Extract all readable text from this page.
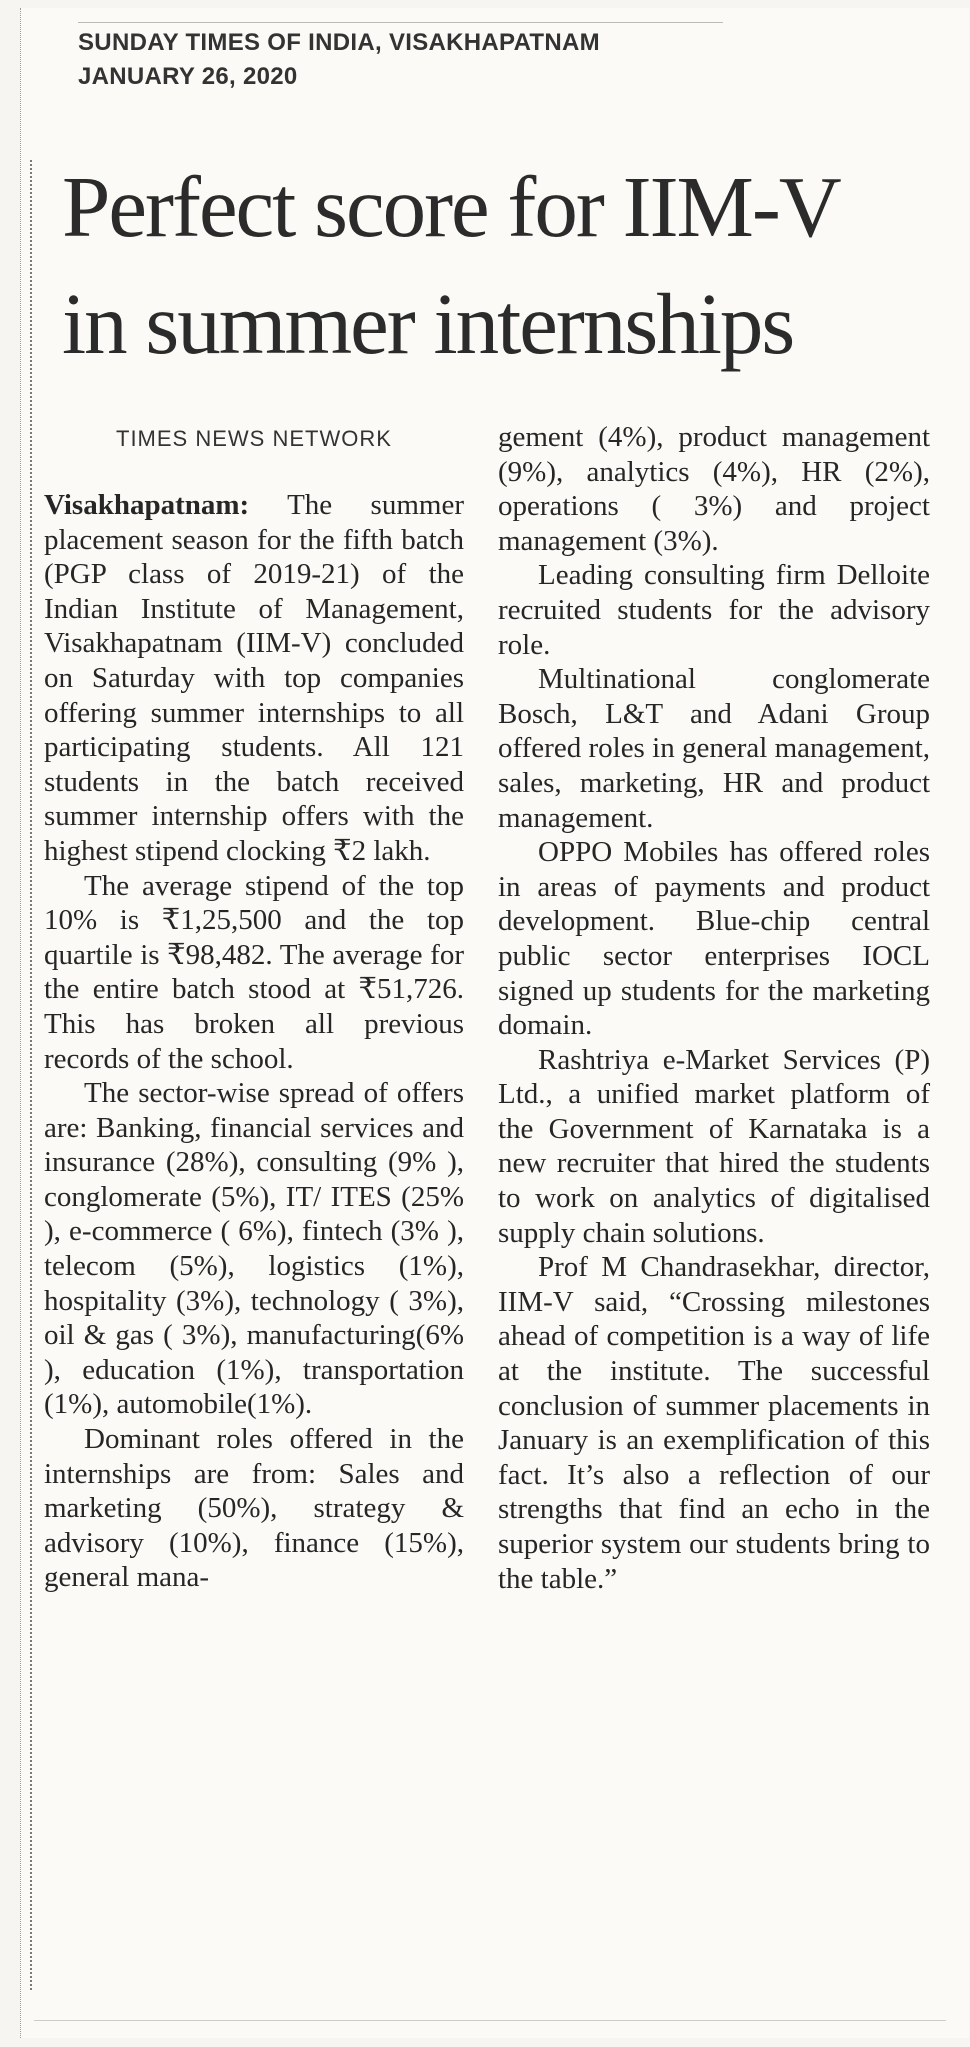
SUNDAY TIMES OF INDIA, VISAKHAPATNAM
JANUARY 26, 2020
Perfect score for IIM-V
in summer internships
TIMES NEWS NETWORK

Visakhapatnam: The summer placement season for the fifth batch (PGP class of 2019-21) of the Indian Institute of Management, Visakhapatnam (IIM-V) concluded on Saturday with top companies offering summer internships to all participating students. All 121 students in the batch received summer internship offers with the highest stipend clocking ₹2 lakh.

The average stipend of the top 10% is ₹1,25,500 and the top quartile is ₹98,482. The average for the entire batch stood at ₹51,726. This has broken all previous records of the school.

The sector-wise spread of offers are: Banking, financial services and insurance (28%), consulting (9% ), conglomerate (5%), IT/ ITES (25% ), e-commerce ( 6%), fintech (3% ), telecom (5%), logistics (1%), hospitality (3%), technology ( 3%), oil & gas ( 3%), manufacturing(6% ), education (1%), transportation (1%), automobile(1%).

Dominant roles offered in the internships are from: Sales and marketing (50%), strategy & advisory (10%), finance (15%), general mana-

gement (4%), product management (9%), analytics (4%), HR (2%), operations ( 3%) and project management (3%).

Leading consulting firm Delloite recruited students for the advisory role.

Multinational conglomerate Bosch, L&T and Adani Group offered roles in general management, sales, marketing, HR and product management.

OPPO Mobiles has offered roles in areas of payments and product development. Blue-chip central public sector enterprises IOCL signed up students for the marketing domain.

Rashtriya e-Market Services (P) Ltd., a unified market platform of the Government of Karnataka is a new recruiter that hired the students to work on analytics of digitalised supply chain solutions.

Prof M Chandrasekhar, director, IIM-V said, “Crossing milestones ahead of competition is a way of life at the institute. The successful conclusion of summer placements in January is an exemplification of this fact. It’s also a reflection of our strengths that find an echo in the superior system our students bring to the table.”
